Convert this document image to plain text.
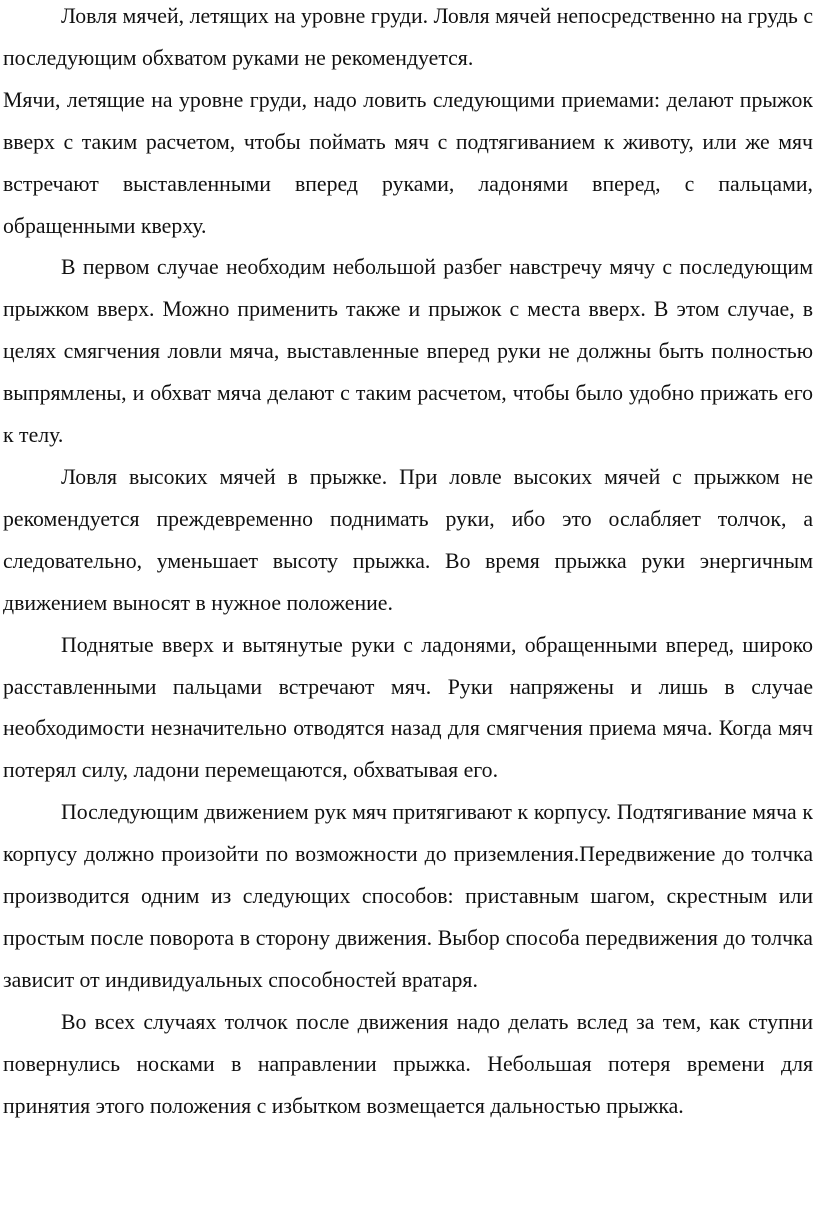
Ловля мячей, летящих на уровне груди. Ловля мячей непосредственно на грудь с последующим обхватом руками не рекомендуется.

Мячи, летящие на уровне груди, надо ловить следующими приемами: делают прыжок вверх с таким расчетом, чтобы поймать мяч с подтягиванием к животу, или же мяч встречают выставленными вперед руками, ладонями вперед, с пальцами, обращенными кверху.

В первом случае необходим небольшой разбег навстречу мячу с последующим прыжком вверх. Можно применить также и прыжок с места вверх. В этом случае, в целях смягчения ловли мяча, выставленные вперед руки не должны быть полностью выпрямлены, и обхват мяча делают с таким расчетом, чтобы было удобно прижать его к телу.

Ловля высоких мячей в прыжке. При ловле высоких мячей с прыжком не рекомендуется преждевременно поднимать руки, ибо это ослабляет толчок, а следовательно, уменьшает высоту прыжка. Во время прыжка руки энергичным движением выносят в нужное положение.

Поднятые вверх и вытянутые руки с ладонями, обращенными вперед, широко расставленными пальцами встречают мяч. Руки напряжены и лишь в случае необходимости незначительно отводятся назад для смягчения приема мяча. Когда мяч потерял силу, ладони перемещаются, обхватывая его.

Последующим движением рук мяч притягивают к корпусу. Подтягивание мяча к корпусу должно произойти по возможности до приземления.Передвижение до толчка производится одним из следующих способов: приставным шагом, скрестным или простым после поворота в сторону движения. Выбор способа передвижения до толчка зависит от индивидуальных способностей вратаря.

Во всех случаях толчок после движения надо делать вслед за тем, как ступни повернулись носками в направлении прыжка. Небольшая потеря времени для принятия этого положения с избытком возмещается дальностью прыжка.
